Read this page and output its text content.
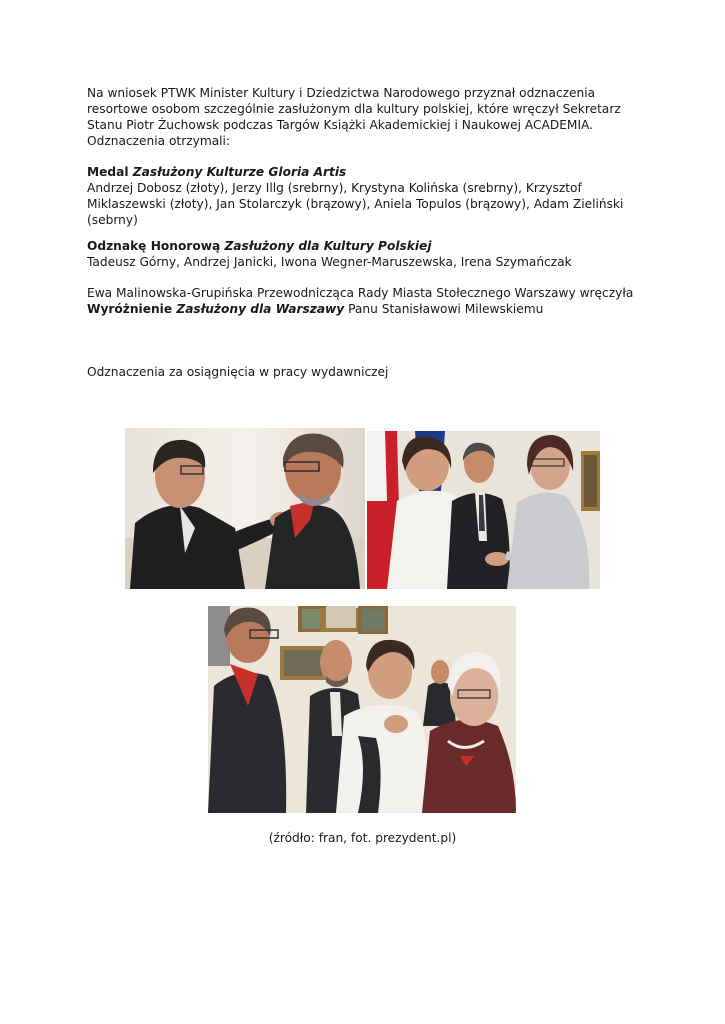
Na wniosek PTWK Minister Kultury i Dziedzictwa Narodowego przyznał odznaczenia

resortowe osobom szczególnie zasłużonym dla kultury polskiej, które wręczył Sekretarz

Stanu Piotr Żuchowsk podczas Targów Książki Akademickiej i Naukowej ACADEMIA.

Odznaczenia otrzymali:

Medal Zasłużony Kulturze Gloria Artis

Andrzej Dobosz (złoty), Jerzy Illg (srebrny), Krystyna Kolińska (srebrny), Krzysztof

Miklaszewski (złoty), Jan Stolarczyk (brązowy), Aniela Topulos (brązowy), Adam Zieliński

(sebrny)

Odznakę Honorową Zasłużony dla Kultury Polskiej

Tadeusz Górny, Andrzej Janicki, Iwona Wegner-Maruszewska, Irena Szymańczak

Ewa Malinowska-Grupińska Przewodnicząca Rady Miasta Stołecznego Warszawy wręczyła

Wyróżnienie Zasłużony dla Warszawy Panu Stanisławowi Milewskiemu

Odznaczenia za osiągnięcia w pracy wydawniczej

(źródło: fran, fot. prezydent.pl)
